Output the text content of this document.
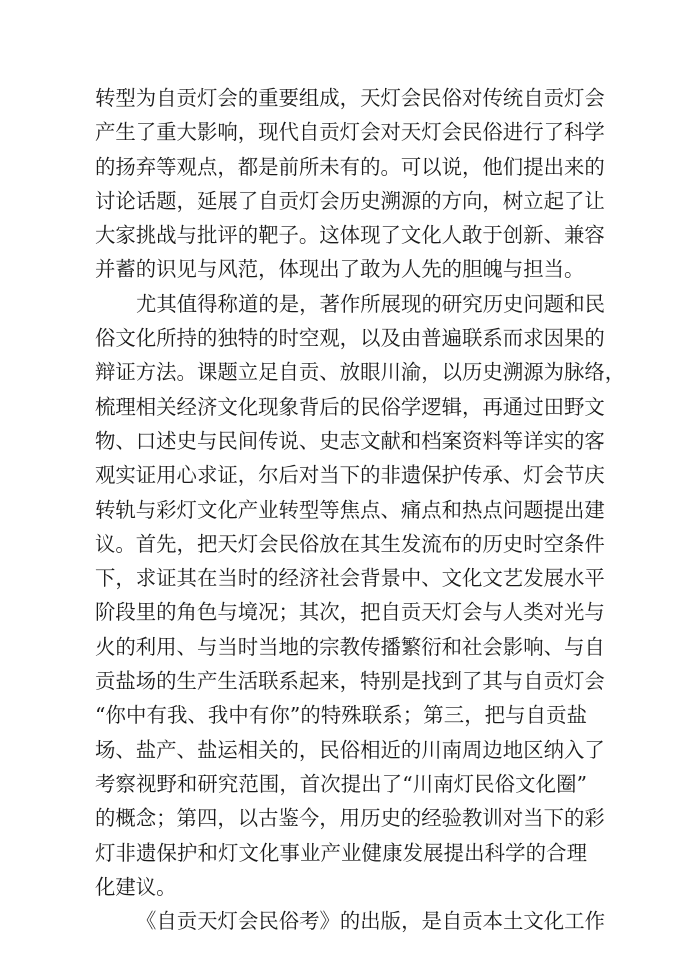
转型为自贡灯会的重要组成，天灯会民俗对传统自贡灯会
产生了重大影响，现代自贡灯会对天灯会民俗进行了科学
的扬弃等观点，都是前所未有的。可以说，他们提出来的
讨论话题，延展了自贡灯会历史溯源的方向，树立起了让
大家挑战与批评的靶子。这体现了文化人敢于创新、兼容
并蓄的识见与风范，体现出了敢为人先的胆魄与担当。
尤其值得称道的是，著作所展现的研究历史问题和民
俗文化所持的独特的时空观，以及由普遍联系而求因果的
辩证方法。课题立足自贡、放眼川渝，以历史溯源为脉络，
梳理相关经济文化现象背后的民俗学逻辑，再通过田野文
物、口述史与民间传说、史志文献和档案资料等详实的客
观实证用心求证，尔后对当下的非遗保护传承、灯会节庆
转轨与彩灯文化产业转型等焦点、痛点和热点问题提出建
议。首先，把天灯会民俗放在其生发流布的历史时空条件
下，求证其在当时的经济社会背景中、文化文艺发展水平
阶段里的角色与境况；其次，把自贡天灯会与人类对光与
火的利用、与当时当地的宗教传播繁衍和社会影响、与自
贡盐场的生产生活联系起来，特别是找到了其与自贡灯会
“你中有我、我中有你”的特殊联系；第三，把与自贡盐
场、盐产、盐运相关的，民俗相近的川南周边地区纳入了
考察视野和研究范围，首次提出了“川南灯民俗文化圈”
的概念；第四，以古鉴今，用历史的经验教训对当下的彩
灯非遗保护和灯文化事业产业健康发展提出科学的合理
化建议。
《自贡天灯会民俗考》的出版，是自贡本土文化工作
